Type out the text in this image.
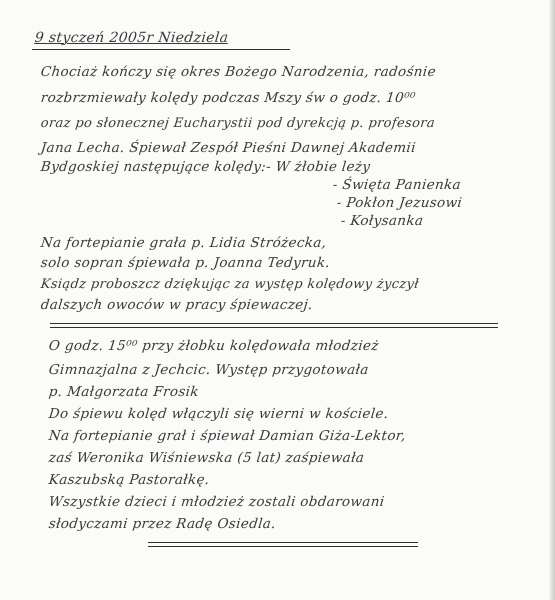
9 styczeń 2005r Niedziela
Chociaż kończy się okres Bożego Narodzenia, radośnie
rozbrzmiewały kolędy podczas Mszy św o godz. 10⁰⁰
oraz po słonecznej Eucharystii pod dyrekcją p. profesora
Jana Lecha. Śpiewał Zespół Pieśni Dawnej Akademii
Bydgoskiej następujące kolędy:- W żłobie leży
- Święta Panienka
- Pokłon Jezusowi
- Kołysanka
Na fortepianie grała p. Lidia Stróżecka,
solo sopran śpiewała p. Joanna Tedyruk.
Ksiądz proboszcz dziękując za występ kolędowy życzył
dalszych owoców w pracy śpiewaczej.
O godz. 15⁰⁰ przy żłobku kolędowała młodzież
Gimnazjalna z Jechcic. Występ przygotowała
p. Małgorzata Frosik
Do śpiewu kolęd włączyli się wierni w kościele.
Na fortepianie grał i śpiewał Damian Giża-Lektor,
zaś Weronika Wiśniewska (5 lat) zaśpiewała
Kaszubską Pastorałkę.
Wszystkie dzieci i młodzież zostali obdarowani
słodyczami przez Radę Osiedla.
